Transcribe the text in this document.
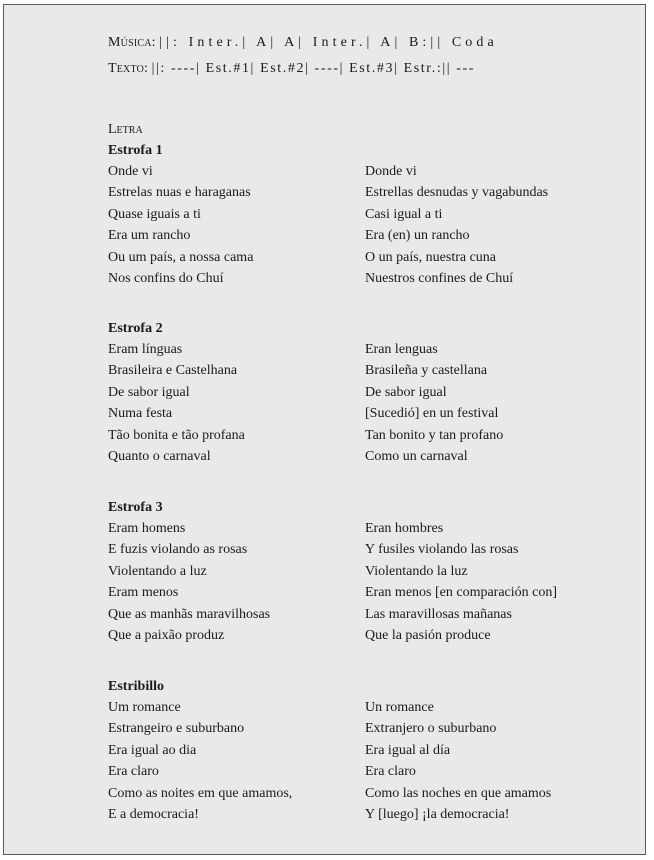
Música: ||: Inter.| A| A| Inter.| A| B:|| Coda
Texto: ||: ----| Est.#1| Est.#2| ----| Est.#3| Estr.:|| ---
Letra
Estrofa 1
Onde vi
Estrelas nuas e haraganas
Quase iguais a ti
Era um rancho
Ou um país, a nossa cama
Nos confins do Chuí
Donde vi
Estrellas desnudas y vagabundas
Casi igual a ti
Era (en) un rancho
O un país, nuestra cuna
Nuestros confines de Chuí
Estrofa 2
Eram línguas
Brasileira e Castelhana
De sabor igual
Numa festa
Tão bonita e tão profana
Quanto o carnaval
Eran lenguas
Brasileña y castellana
De sabor igual
[Sucedió] en un festival
Tan bonito y tan profano
Como un carnaval
Estrofa 3
Eram homens
E fuzis violando as rosas
Violentando a luz
Eram menos
Que as manhãs maravilhosas
Que a paixão produz
Eran hombres
Y fusiles violando las rosas
Violentando la luz
Eran menos [en comparación con]
Las maravillosas mañanas
Que la pasión produce
Estribillo
Um romance
Estrangeiro e suburbano
Era igual ao dia
Era claro
Como as noites em que amamos,
E a democracia!
Un romance
Extranjero o suburbano
Era igual al día
Era claro
Como las noches en que amamos
Y [luego] ¡la democracia!
